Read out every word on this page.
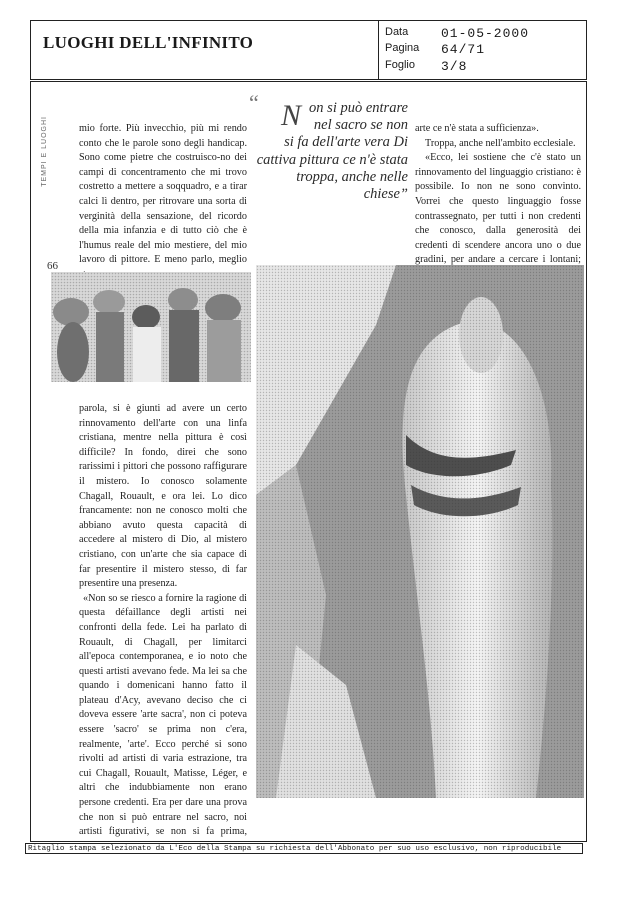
LUOGHI DELL'INFINITO
Data	01-05-2000
Pagina	64/71
Foglio	3/8
TEMPI E LUOGHI
66

mio forte. Più invecchio, più mi rendo conto che le parole sono degli handicap. Sono come pietre che costruisco-no dei campi di concentramento che mi trovo costretto a mettere a soqquadro, e a tirar calci lì dentro, per ritrovare una sorta di verginità della sensazione, del ricordo della mia infanzia e di tutto ciò che è l'humus reale del mio mestiere, del mio lavoro di pittore. E meno parlo, meglio

“ Non si può entrare nel sacro se non si fa dell'arte vera Di cattiva pittura ce n'è stata troppa, anche nelle chiese”

arte ce n'è stata a sufficienza».

Troppa, anche nell'ambito ecclesiale.

«Ecco, lei sostiene che c'è stato un rinnovamento del linguaggio cristiano: è possibile. Io non ne sono convinto. Vorrei che questo linguaggio fosse contrassegnato, per tutti i non credenti che conosco, dalla generosità dei credenti di scendere ancora uno o due gradini, per andare a cercare i lontani;

parola, si è giunti ad avere un certo rinnovamento dell'arte con una linfa cristiana, mentre nella pittura è così difficile? In fondo, direi che sono rarissimi i pittori che possono raffigurare il mistero. Io conosco solamente Chagall, Rouault, e ora lei. Lo dico francamente: non ne conosco molti che abbiano avuto questa capacità di accedere al mistero di Dio, al mistero cristiano, con un'arte che sia capace di far presentire il mistero stesso, di far presentire una presenza.

«Non so se riesco a fornire la ragione di questa défaillance degli artisti nei confronti della fede. Lei ha parlato di Rouault, di Chagall, per limitarci all'epoca contemporanea, e io noto che questi artisti avevano fede. Ma lei sa che quando i domenicani hanno fatto il plateau d'Acy, avevano deciso che ci doveva essere 'arte sacra', non ci poteva essere 'sacro' se prima non c'era, realmente, 'arte'. Ecco perché si sono rivolti ad artisti di varia estrazione, tra cui Chagall, Rouault, Matisse, Léger, e altri che indubbiamente non erano persone credenti. Era per dare una prova che non si può entrare nel sacro, noi artisti figurativi, se non si fa prima,

Ritaglio stampa selezionato da L'Eco della Stampa su richiesta dell'Abbonato per suo uso esclusivo, non riproducibile
